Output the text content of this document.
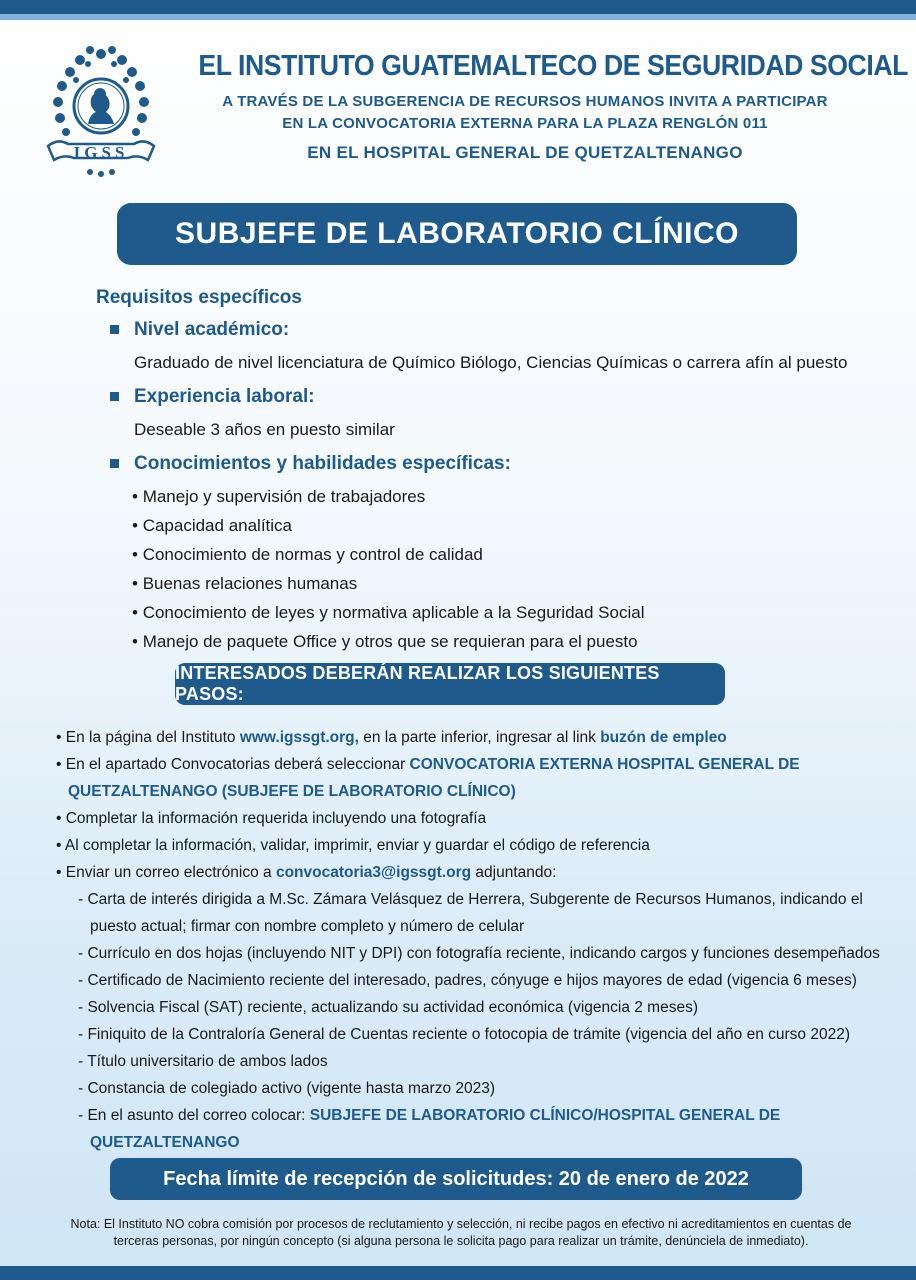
IGSS
EL INSTITUTO GUATEMALTECO DE SEGURIDAD SOCIAL
A TRAVÉS DE LA SUBGERENCIA DE RECURSOS HUMANOS INVITA A PARTICIPAR
EN LA CONVOCATORIA EXTERNA PARA LA PLAZA RENGLÓN 011
EN EL HOSPITAL GENERAL DE QUETZALTENANGO
SUBJEFE DE LABORATORIO CLÍNICO
Requisitos específicos
Nivel académico:
Graduado de nivel licenciatura de Químico Biólogo, Ciencias Químicas o carrera afín al puesto
Experiencia laboral:
Deseable 3 años en puesto similar
Conocimientos y habilidades específicas:
• Manejo y supervisión de trabajadores
• Capacidad analítica
• Conocimiento de normas y control de calidad
• Buenas relaciones humanas
• Conocimiento de leyes y normativa aplicable a la Seguridad Social
• Manejo de paquete Office y otros que se requieran para el puesto
INTERESADOS DEBERÁN REALIZAR LOS SIGUIENTES PASOS:
• En la página del Instituto www.igssgt.org, en la parte inferior, ingresar al link buzón de empleo
• En el apartado Convocatorias deberá seleccionar CONVOCATORIA EXTERNA HOSPITAL GENERAL DE QUETZALTENANGO (SUBJEFE DE LABORATORIO CLÍNICO)
• Completar la información requerida incluyendo una fotografía
• Al completar la información, validar, imprimir, enviar y guardar el código de referencia
• Enviar un correo electrónico a convocatoria3@igssgt.org adjuntando:
- Carta de interés dirigida a M.Sc. Zámara Velásquez de Herrera, Subgerente de Recursos Humanos, indicando el puesto actual; firmar con nombre completo y número de celular
- Currículo en dos hojas (incluyendo NIT y DPI) con fotografía reciente, indicando cargos y funciones desempeñados
- Certificado de Nacimiento reciente del interesado, padres, cónyuge e hijos mayores de edad (vigencia 6 meses)
- Solvencia Fiscal (SAT) reciente, actualizando su actividad económica (vigencia 2 meses)
- Finiquito de la Contraloría General de Cuentas reciente o fotocopia de trámite (vigencia del año en curso 2022)
- Título universitario de ambos lados
- Constancia de colegiado activo (vigente hasta marzo 2023)
- En el asunto del correo colocar: SUBJEFE DE LABORATORIO CLÍNICO/HOSPITAL GENERAL DE QUETZALTENANGO
Fecha límite de recepción de solicitudes: 20 de enero de 2022
Nota: El Instituto NO cobra comisión por procesos de reclutamiento y selección, ni recibe pagos en efectivo ni acreditamientos en cuentas de terceras personas, por ningún concepto (si alguna persona le solicita pago para realizar un trámite, denúnciela de inmediato).
